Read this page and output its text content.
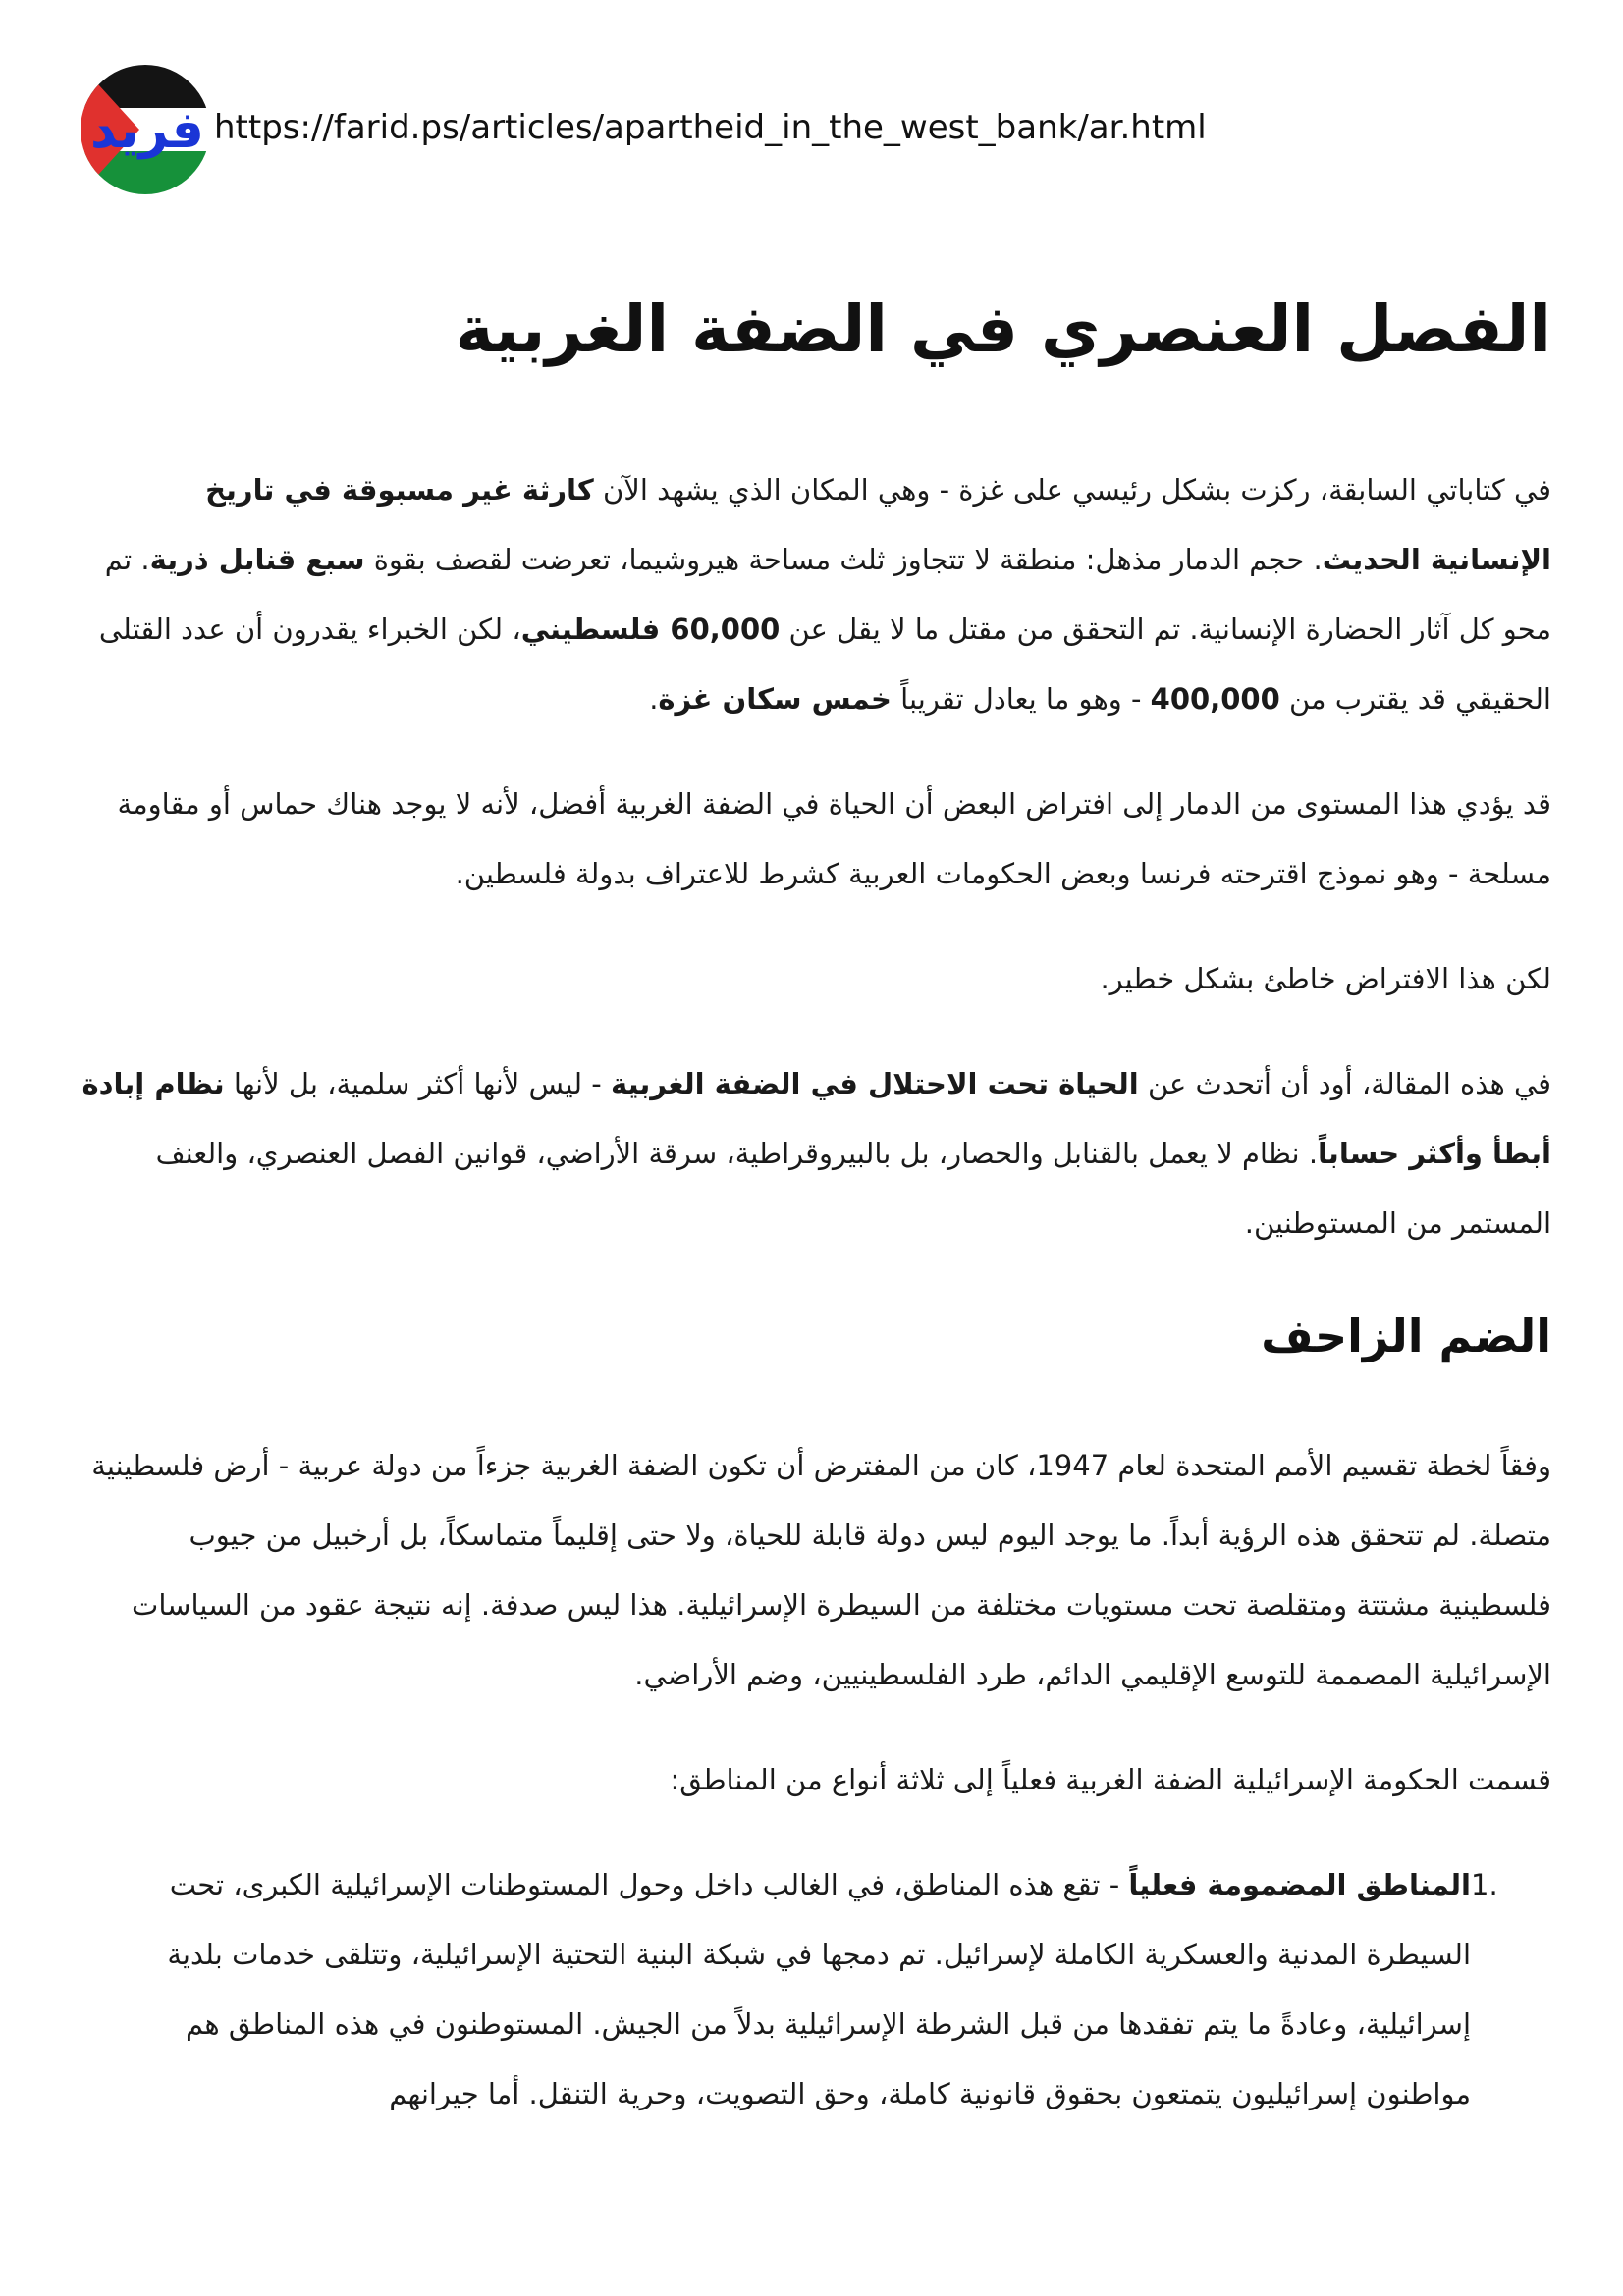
فريد https://farid.ps/articles/apartheid_in_the_west_bank/ar.html
الفصل العنصري في الضفة الغربية

في كتاباتي السابقة، ركزت بشكل رئيسي على غزة - وهي المكان الذي يشهد الآن كارثة غير مسبوقة في تاريخ الإنسانية الحديث. حجم الدمار مذهل: منطقة لا تتجاوز ثلث مساحة هيروشيما، تعرضت لقصف بقوة سبع قنابل ذرية. تم محو كل آثار الحضارة الإنسانية. تم التحقق من مقتل ما لا يقل عن 60,000 فلسطيني، لكن الخبراء يقدرون أن عدد القتلى الحقيقي قد يقترب من 400,000 - وهو ما يعادل تقريباً خمس سكان غزة.

قد يؤدي هذا المستوى من الدمار إلى افتراض البعض أن الحياة في الضفة الغربية أفضل، لأنه لا يوجد هناك حماس أو مقاومة مسلحة - وهو نموذج اقترحته فرنسا وبعض الحكومات العربية كشرط للاعتراف بدولة فلسطين.

لكن هذا الافتراض خاطئ بشكل خطير.

في هذه المقالة، أود أن أتحدث عن الحياة تحت الاحتلال في الضفة الغربية - ليس لأنها أكثر سلمية، بل لأنها نظام إبادة أبطأ وأكثر حساباً. نظام لا يعمل بالقنابل والحصار، بل بالبيروقراطية، سرقة الأراضي، قوانين الفصل العنصري، والعنف المستمر من المستوطنين.

الضم الزاحف

وفقاً لخطة تقسيم الأمم المتحدة لعام 1947، كان من المفترض أن تكون الضفة الغربية جزءاً من دولة عربية - أرض فلسطينية متصلة. لم تتحقق هذه الرؤية أبداً. ما يوجد اليوم ليس دولة قابلة للحياة، ولا حتى إقليماً متماسكاً، بل أرخبيل من جيوب فلسطينية مشتتة ومتقلصة تحت مستويات مختلفة من السيطرة الإسرائيلية. هذا ليس صدفة. إنه نتيجة عقود من السياسات الإسرائيلية المصممة للتوسع الإقليمي الدائم، طرد الفلسطينيين، وضم الأراضي.

قسمت الحكومة الإسرائيلية الضفة الغربية فعلياً إلى ثلاثة أنواع من المناطق:

1.
المناطق المضمومة فعلياً - تقع هذه المناطق، في الغالب داخل وحول المستوطنات الإسرائيلية الكبرى، تحت السيطرة المدنية والعسكرية الكاملة لإسرائيل. تم دمجها في شبكة البنية التحتية الإسرائيلية، وتتلقى خدمات بلدية إسرائيلية، وعادةً ما يتم تفقدها من قبل الشرطة الإسرائيلية بدلاً من الجيش. المستوطنون في هذه المناطق هم مواطنون إسرائيليون يتمتعون بحقوق قانونية كاملة، وحق التصويت، وحرية التنقل. أما جيرانهم
